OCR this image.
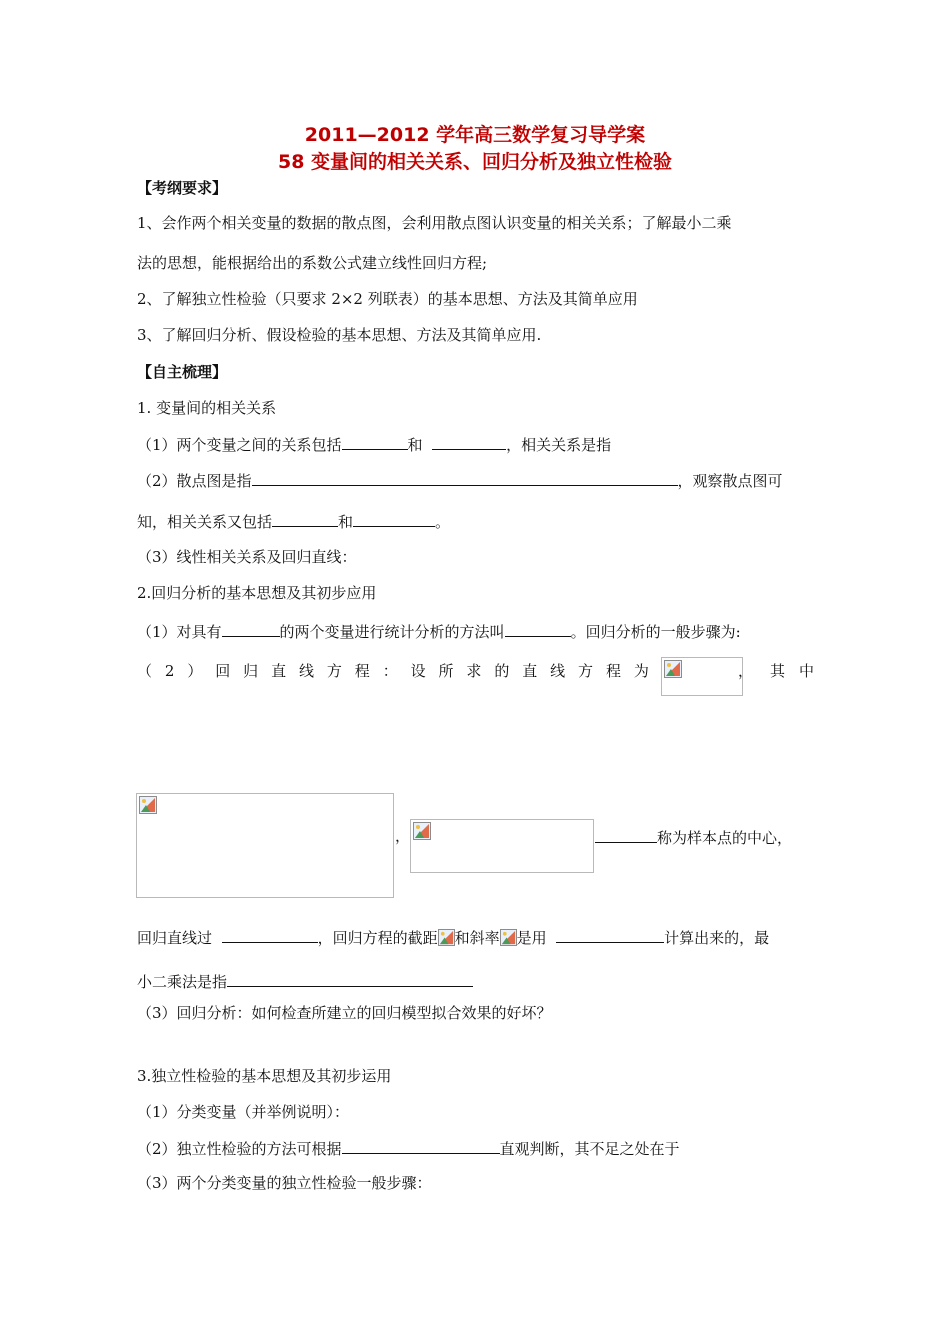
2011—2012 学年高三数学复习导学案
58 变量间的相关关系、回归分析及独立性检验
【考纲要求】
1、会作两个相关变量的数据的散点图，会利用散点图认识变量的相关关系；了解最小二乘
法的思想，能根据给出的系数公式建立线性回归方程;
2、了解独立性检验（只要求 2×2 列联表）的基本思想、方法及其简单应用
3、了解回归分析、假设检验的基本思想、方法及其简单应用.
【自主梳理】
1. 变量间的相关关系
（1）两个变量之间的关系包括	和	，相关关系是指
（2）散点图是指	，观察散点图可
知，相关关系又包括	和	。
（3）线性相关关系及回归直线：
2.回归分析的基本思想及其初步应用
（1）对具有	的两个变量进行统计分析的方法叫	。回归分析的一般步骤为:
（ 2 ） 回 归 直 线 方 程 ： 设 所 求 的 直 线 方 程 为	， 其 中
，	称为样本点的中心，
回归直线过	，回归方程的截距 和斜率 是用	计算出来的，最
小二乘法是指
（3）回归分析：如何检查所建立的回归模型拟合效果的好坏？
3.独立性检验的基本思想及其初步运用
（1）分类变量（并举例说明）：
（2）独立性检验的方法可根据	直观判断，其不足之处在于
（3）两个分类变量的独立性检验一般步骤：
